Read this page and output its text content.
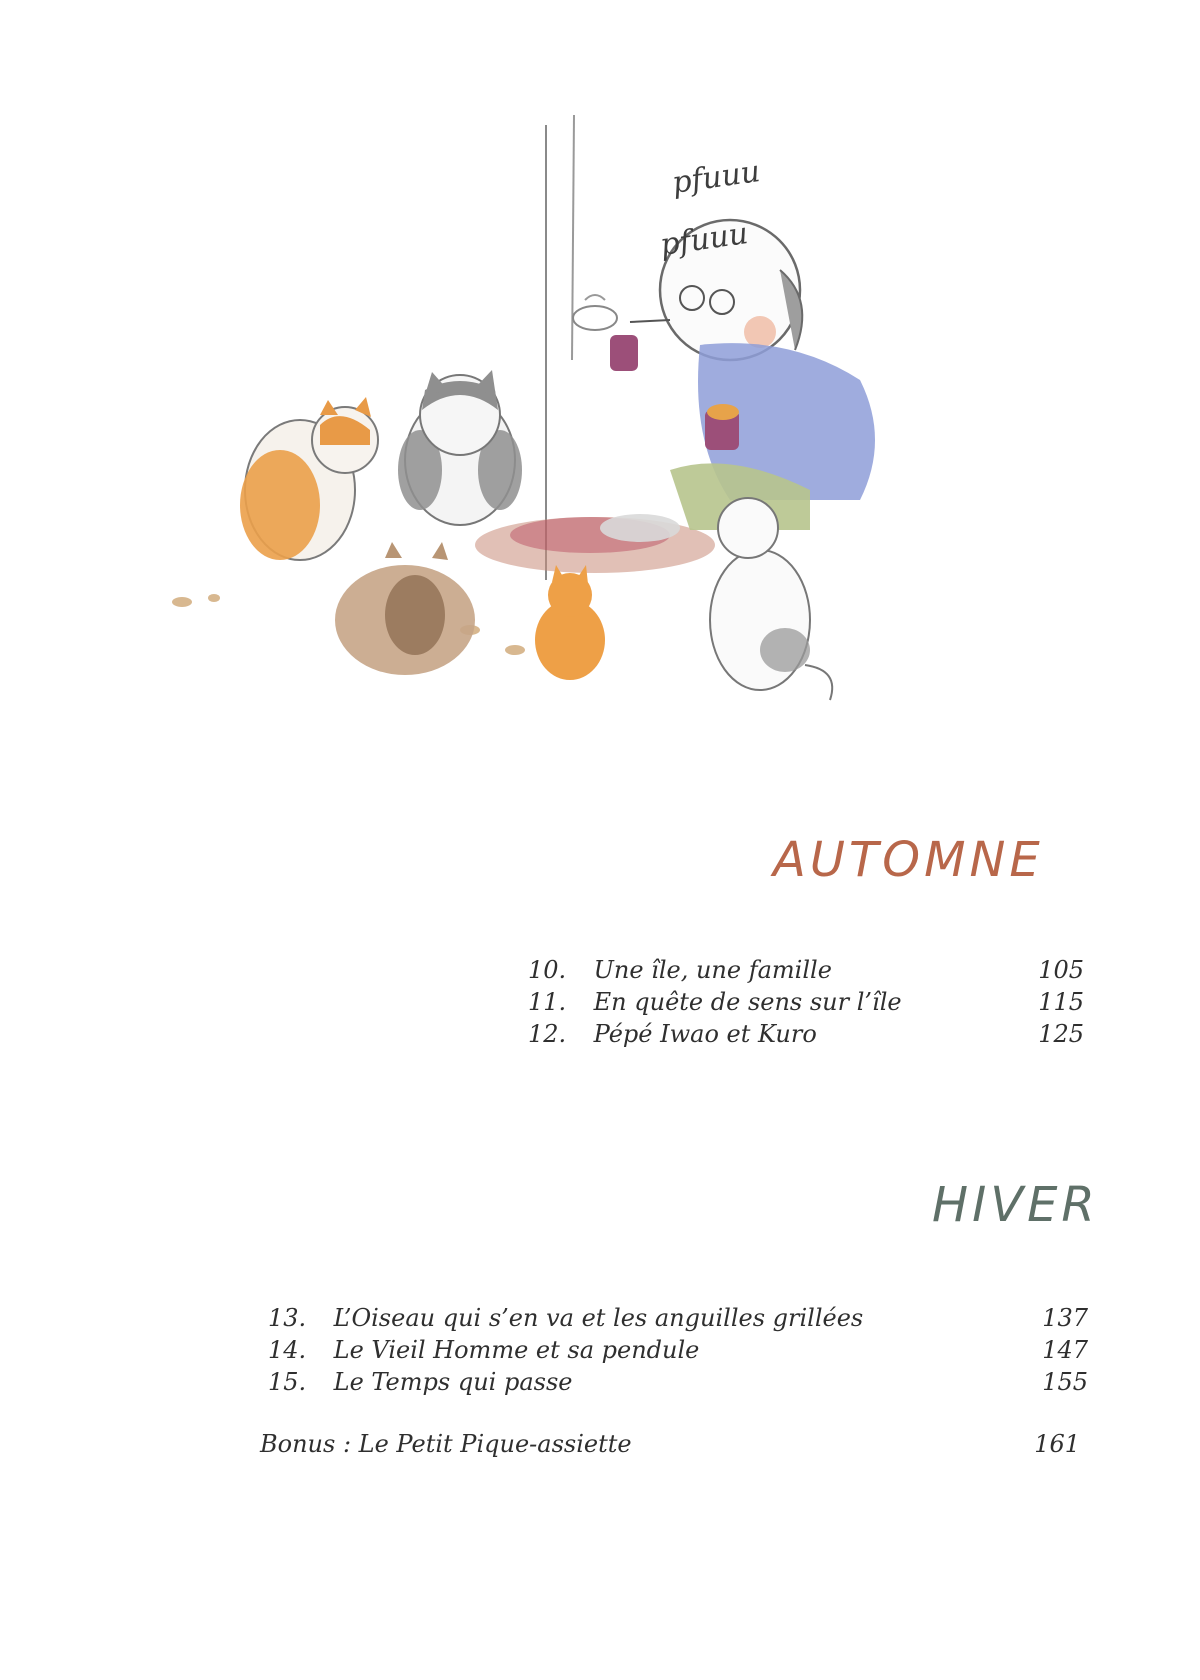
pfuuu
pfuuu
AUTOMNE
10. Une île, une famille	105
11. En quête de sens sur l’île	115
12. Pépé Iwao et Kuro	125
HIVER
13. L’Oiseau qui s’en va et les anguilles grillées	137
14. Le Vieil Homme et sa pendule	147
15. Le Temps qui passe	155
Bonus : Le Petit Pique-assiette	161
